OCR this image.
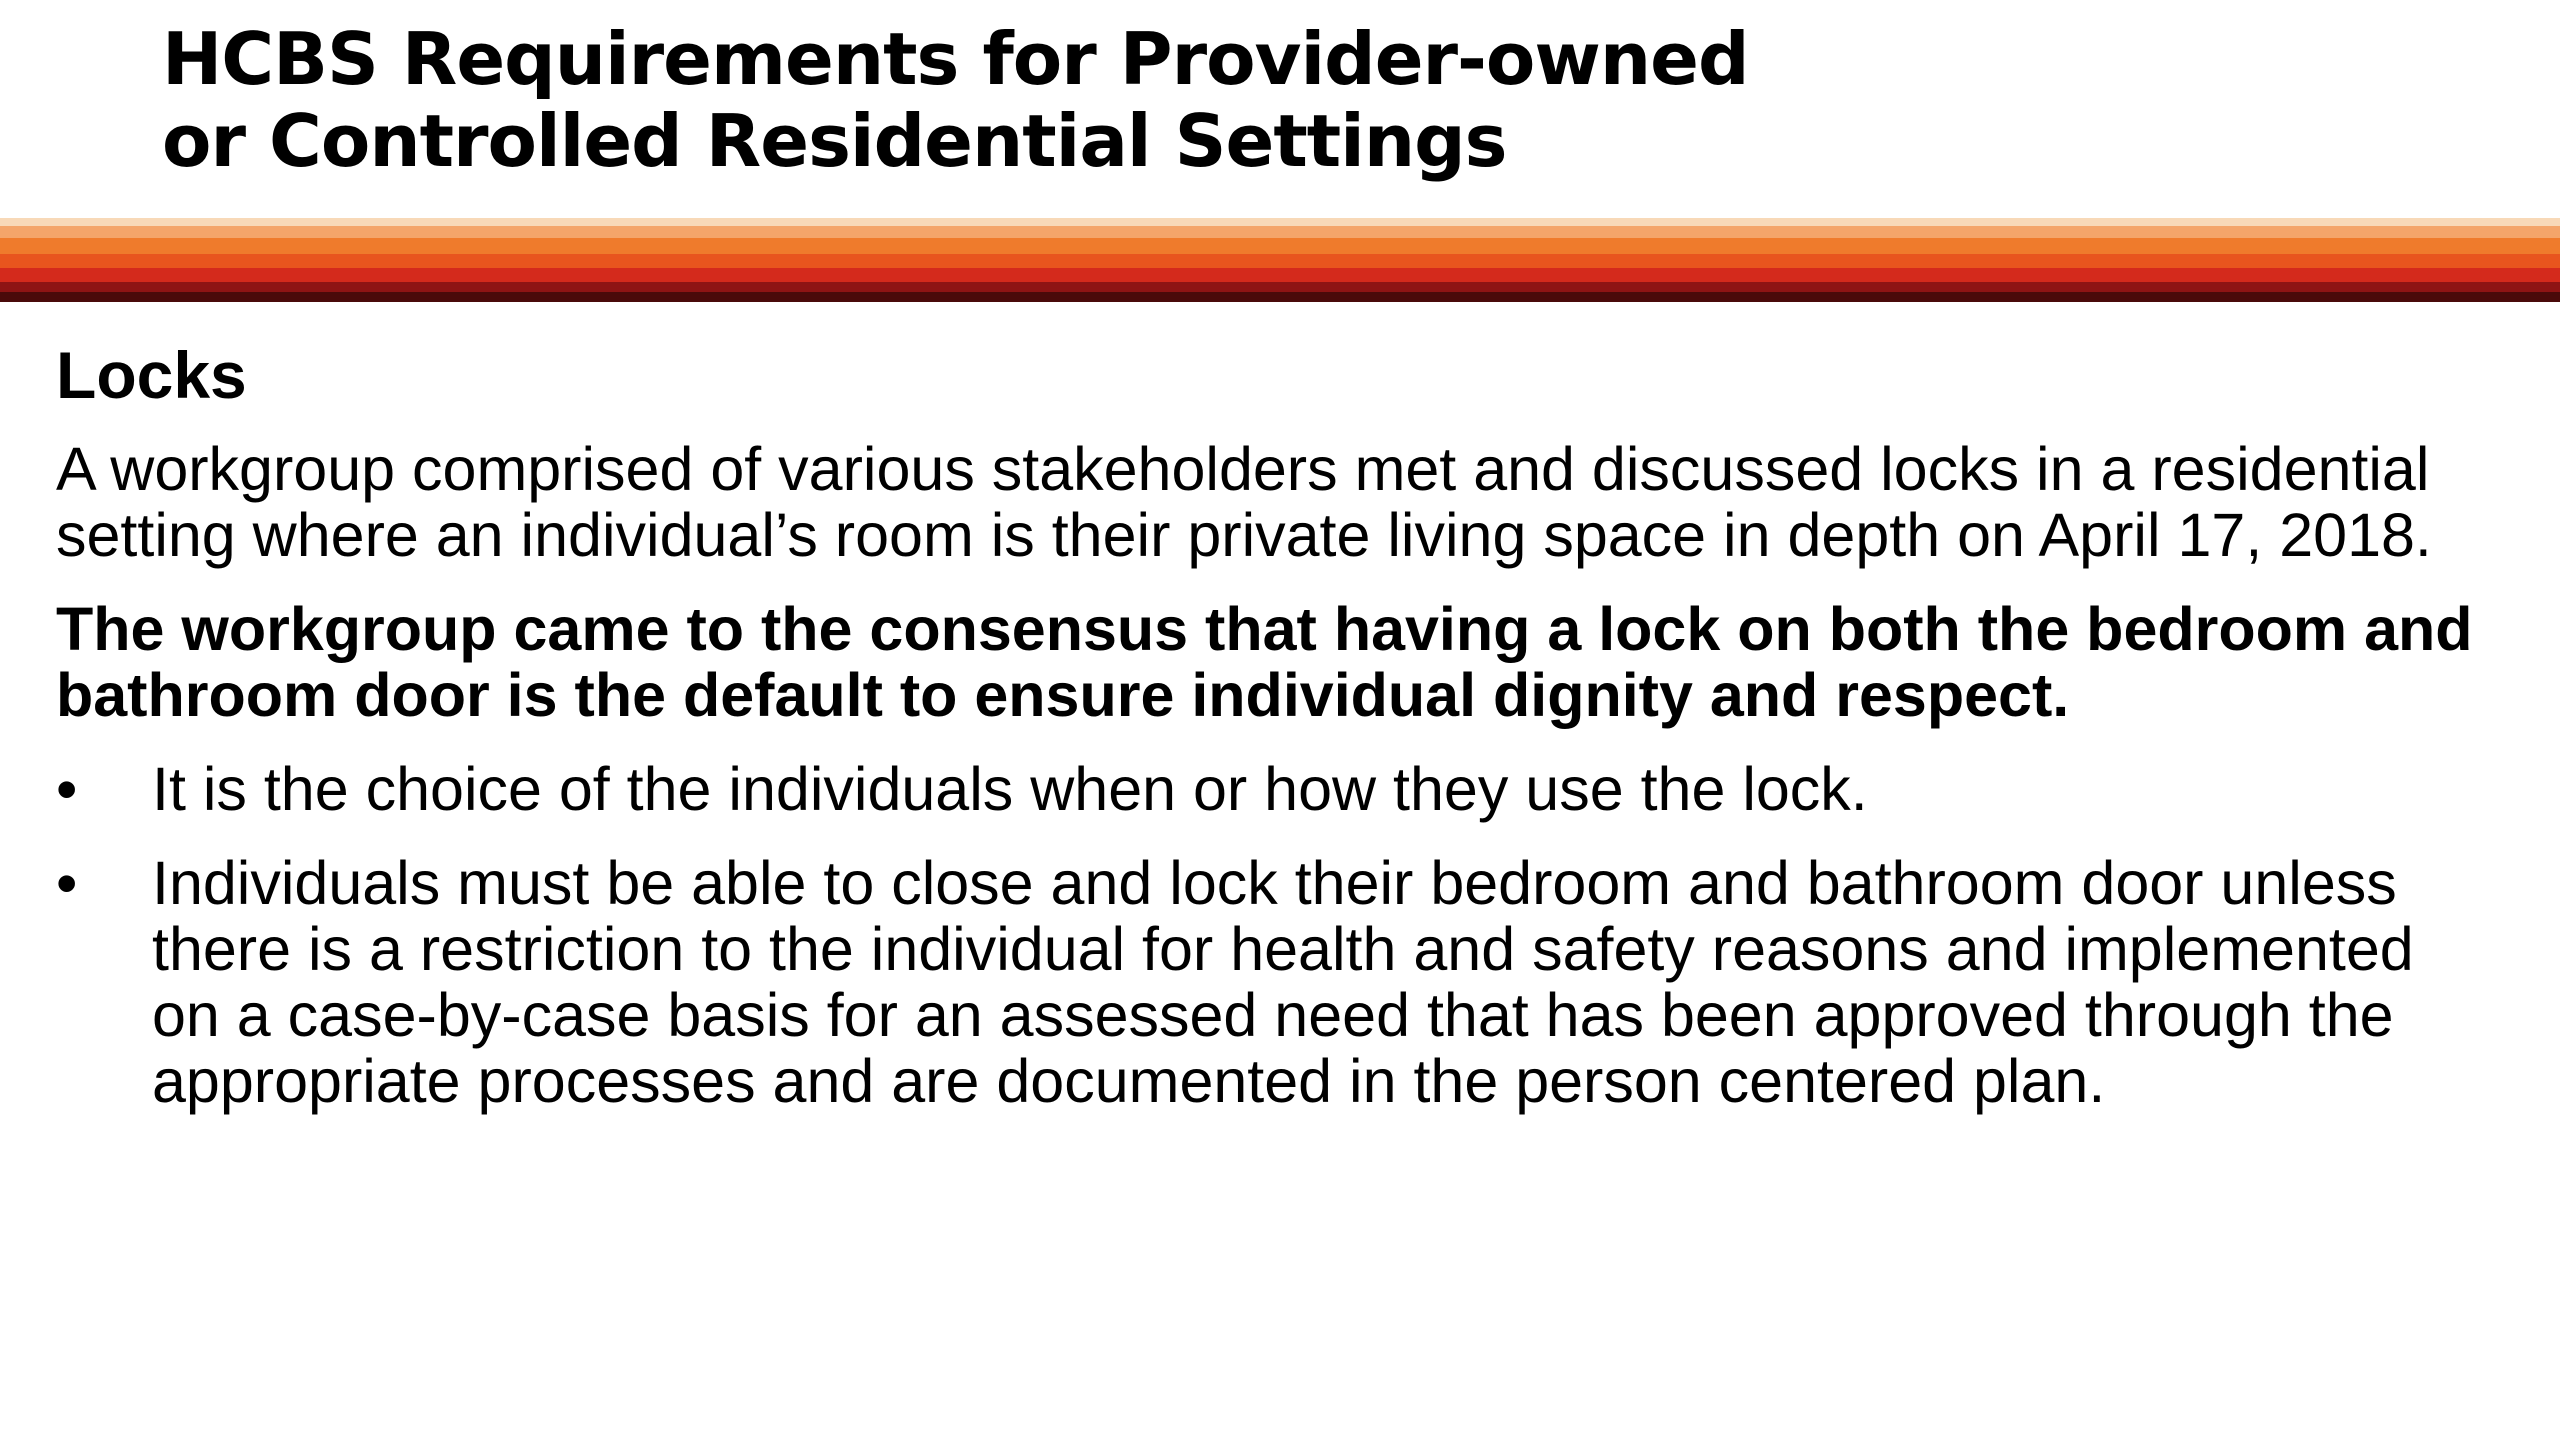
HCBS Requirements for Provider-owned
or Controlled Residential Settings
Locks

A workgroup comprised of various stakeholders met and discussed locks in a residential setting where an individual’s room is their private living space in depth on April 17, 2018.

The workgroup came to the consensus that having a lock on both the bedroom and bathroom door is the default to ensure individual dignity and respect.

• It is the choice of the individuals when or how they use the lock.
• Individuals must be able to close and lock their bedroom and bathroom door unless there is a restriction to the individual for health and safety reasons and implemented on a case-by-case basis for an assessed need that has been approved through the appropriate processes and are documented in the person centered plan.
